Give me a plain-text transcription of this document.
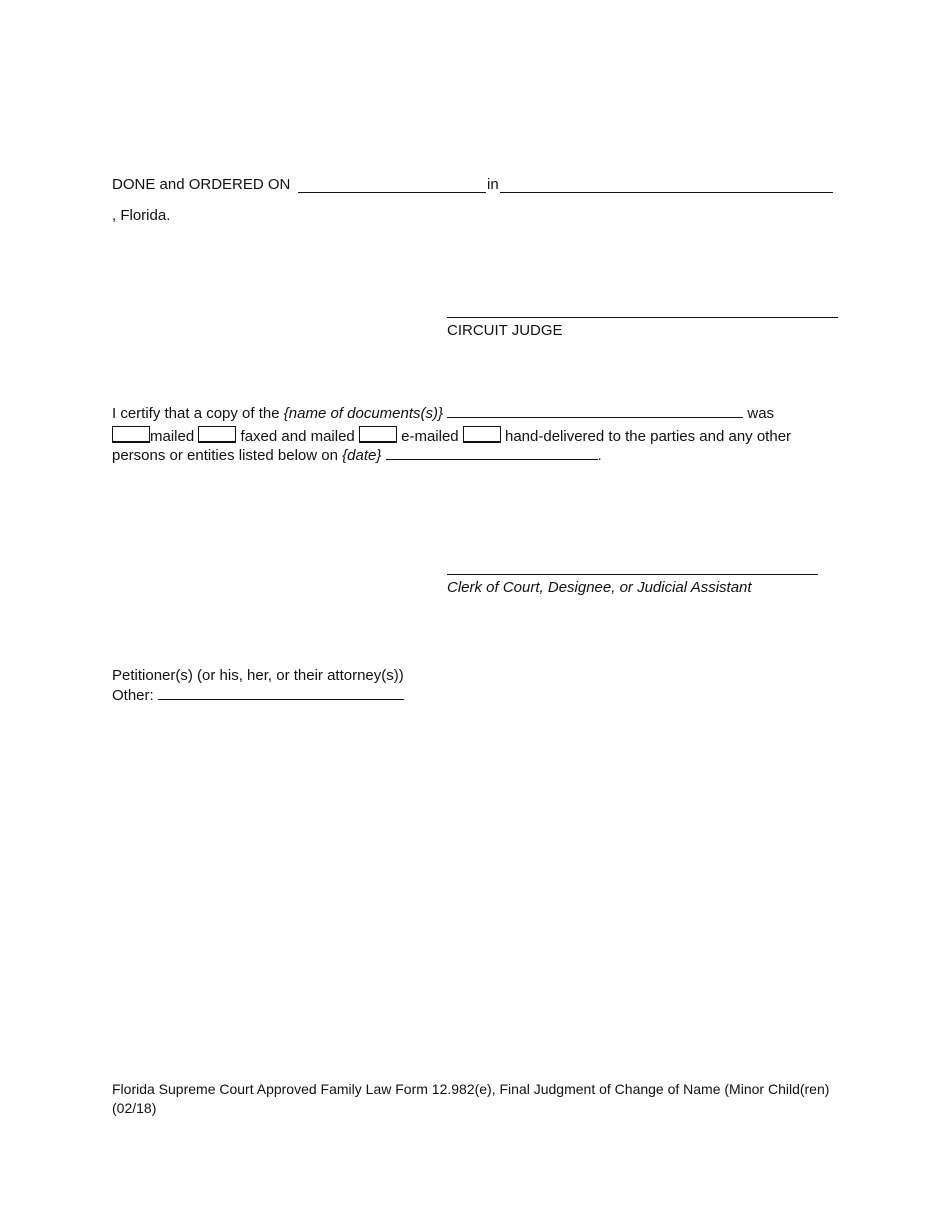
DONE and ORDERED ON	in
, Florida.
CIRCUIT JUDGE
I certify that a copy of the {name of documents(s)}	was
mailed	faxed and mailed	e-mailed	hand-delivered to the parties and any other
persons or entities listed below on {date}	.
Clerk of Court, Designee, or Judicial Assistant
Petitioner(s) (or his, her, or their attorney(s))
Other:
Florida Supreme Court Approved Family Law Form 12.982(e), Final Judgment of Change of Name (Minor Child(ren)
(02/18)
